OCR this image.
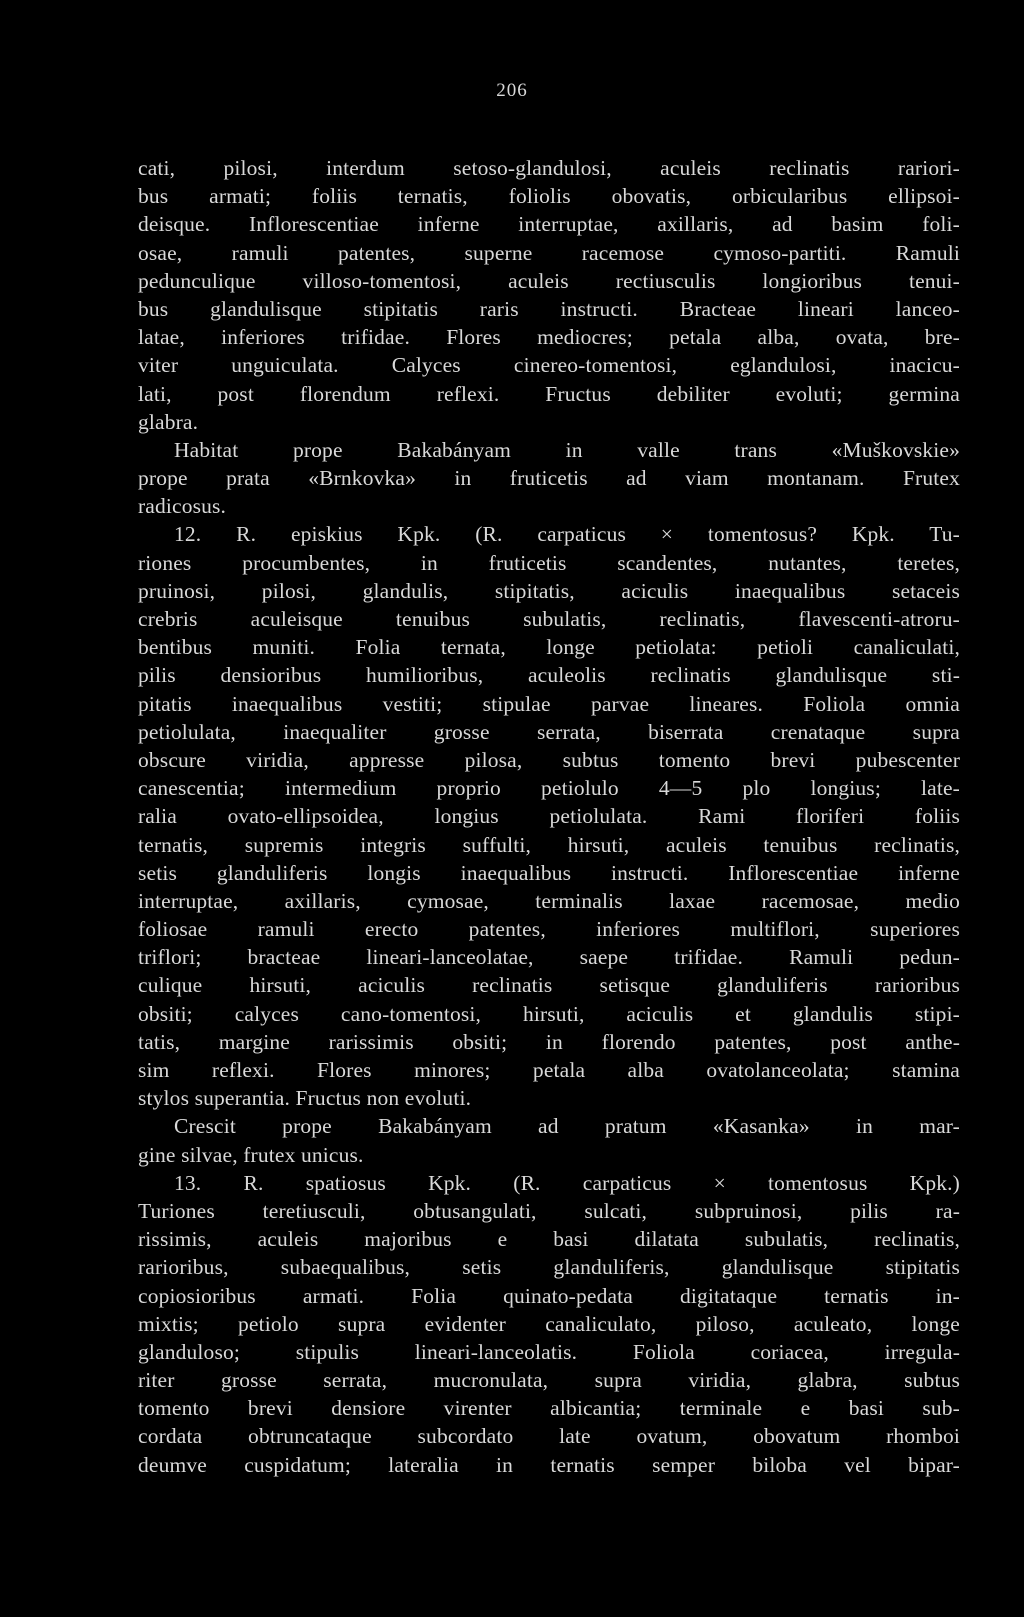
206
cati, pilosi, interdum setoso-glandulosi, aculeis reclinatis rariori-
bus armati; foliis ternatis, foliolis obovatis, orbicularibus ellipsoi-
deisque. Inflorescentiae inferne interruptae, axillaris, ad basim foli-
osae, ramuli patentes, superne racemose cymoso-partiti. Ramuli
pedunculique villoso-tomentosi, aculeis rectiusculis longioribus tenui-
bus glandulisque stipitatis raris instructi. Bracteae lineari lanceo-
latae, inferiores trifidae. Flores mediocres; petala alba, ovata, bre-
viter unguiculata. Calyces cinereo-tomentosi, eglandulosi, inacicu-
lati, post florendum reflexi. Fructus debiliter evoluti; germina
glabra.
Habitat prope Bakabányam in valle trans «Muškovskie»
prope prata «Brnkovka» in fruticetis ad viam montanam. Frutex
radicosus.
12. R. episkius Kpk. (R. carpaticus × tomentosus? Kpk. Tu-
riones procumbentes, in fruticetis scandentes, nutantes, teretes,
pruinosi, pilosi, glandulis, stipitatis, aciculis inaequalibus setaceis
crebris aculeisque tenuibus subulatis, reclinatis, flavescenti-atroru-
bentibus muniti. Folia ternata, longe petiolata: petioli canaliculati,
pilis densioribus humilioribus, aculeolis reclinatis glandulisque sti-
pitatis inaequalibus vestiti; stipulae parvae lineares. Foliola omnia
petiolulata, inaequaliter grosse serrata, biserrata crenataque supra
obscure viridia, appresse pilosa, subtus tomento brevi pubescenter
canescentia; intermedium proprio petiolulo 4—5 plo longius; late-
ralia ovato-ellipsoidea, longius petiolulata. Rami floriferi foliis
ternatis, supremis integris suffulti, hirsuti, aculeis tenuibus reclinatis,
setis glanduliferis longis inaequalibus instructi. Inflorescentiae inferne
interruptae, axillaris, cymosae, terminalis laxae racemosae, medio
foliosae ramuli erecto patentes, inferiores multiflori, superiores
triflori; bracteae lineari-lanceolatae, saepe trifidae. Ramuli pedun-
culique hirsuti, aciculis reclinatis setisque glanduliferis rarioribus
obsiti; calyces cano-tomentosi, hirsuti, aciculis et glandulis stipi-
tatis, margine rarissimis obsiti; in florendo patentes, post anthe-
sim reflexi. Flores minores; petala alba ovatolanceolata; stamina
stylos superantia. Fructus non evoluti.
Crescit prope Bakabányam ad pratum «Kasanka» in mar-
gine silvae, frutex unicus.
13. R. spatiosus Kpk. (R. carpaticus × tomentosus Kpk.)
Turiones teretiusculi, obtusangulati, sulcati, subpruinosi, pilis ra-
rissimis, aculeis majoribus e basi dilatata subulatis, reclinatis,
rarioribus, subaequalibus, setis glanduliferis, glandulisque stipitatis
copiosioribus armati. Folia quinato-pedata digitataque ternatis in-
mixtis; petiolo supra evidenter canaliculato, piloso, aculeato, longe
glanduloso; stipulis lineari-lanceolatis. Foliola coriacea, irregula-
riter grosse serrata, mucronulata, supra viridia, glabra, subtus
tomento brevi densiore virenter albicantia; terminale e basi sub-
cordata obtruncataque subcordato late ovatum, obovatum rhomboi
deumve cuspidatum; lateralia in ternatis semper biloba vel bipar-
